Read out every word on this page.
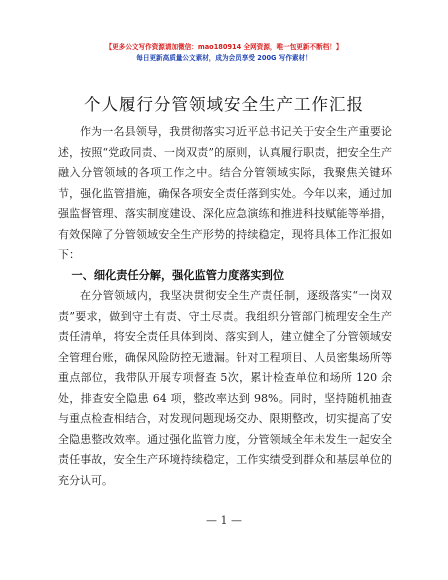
【更多公文写作资源请加微信：mao180914 全网资源，唯一包更新不断档！】
每日更新高质量公文素材，成为会员享受 200G 写作素材！
个人履行分管领域安全生产工作汇报

作为一名县领导，我贯彻落实习近平总书记关于安全生产重要论述，按照“党政同责、一岗双责”的原则，认真履行职责，把安全生产融入分管领域的各项工作之中。结合分管领域实际，我聚焦关键环节，强化监管措施，确保各项安全责任落到实处。今年以来，通过加强监督管理、落实制度建设、深化应急演练和推进科技赋能等举措，有效保障了分管领域安全生产形势的持续稳定，现将具体工作汇报如下：

一、细化责任分解，强化监管力度落实到位

在分管领域内，我坚决贯彻安全生产责任制，逐级落实“一岗双责”要求，做到守土有责、守土尽责。我组织分管部门梳理安全生产责任清单，将安全责任具体到岗、落实到人，建立健全了分管领域安全管理台账，确保风险防控无遗漏。针对工程项目、人员密集场所等重点部位，我带队开展专项督查 5次，累计检查单位和场所 120 余处，排查安全隐患 64 项，整改率达到 98%。同时，坚持随机抽查与重点检查相结合，对发现问题现场交办、限期整改，切实提高了安全隐患整改效率。通过强化监管力度，分管领域全年未发生一起安全责任事故，安全生产环境持续稳定，工作实绩受到群众和基层单位的充分认可。

— 1 —
